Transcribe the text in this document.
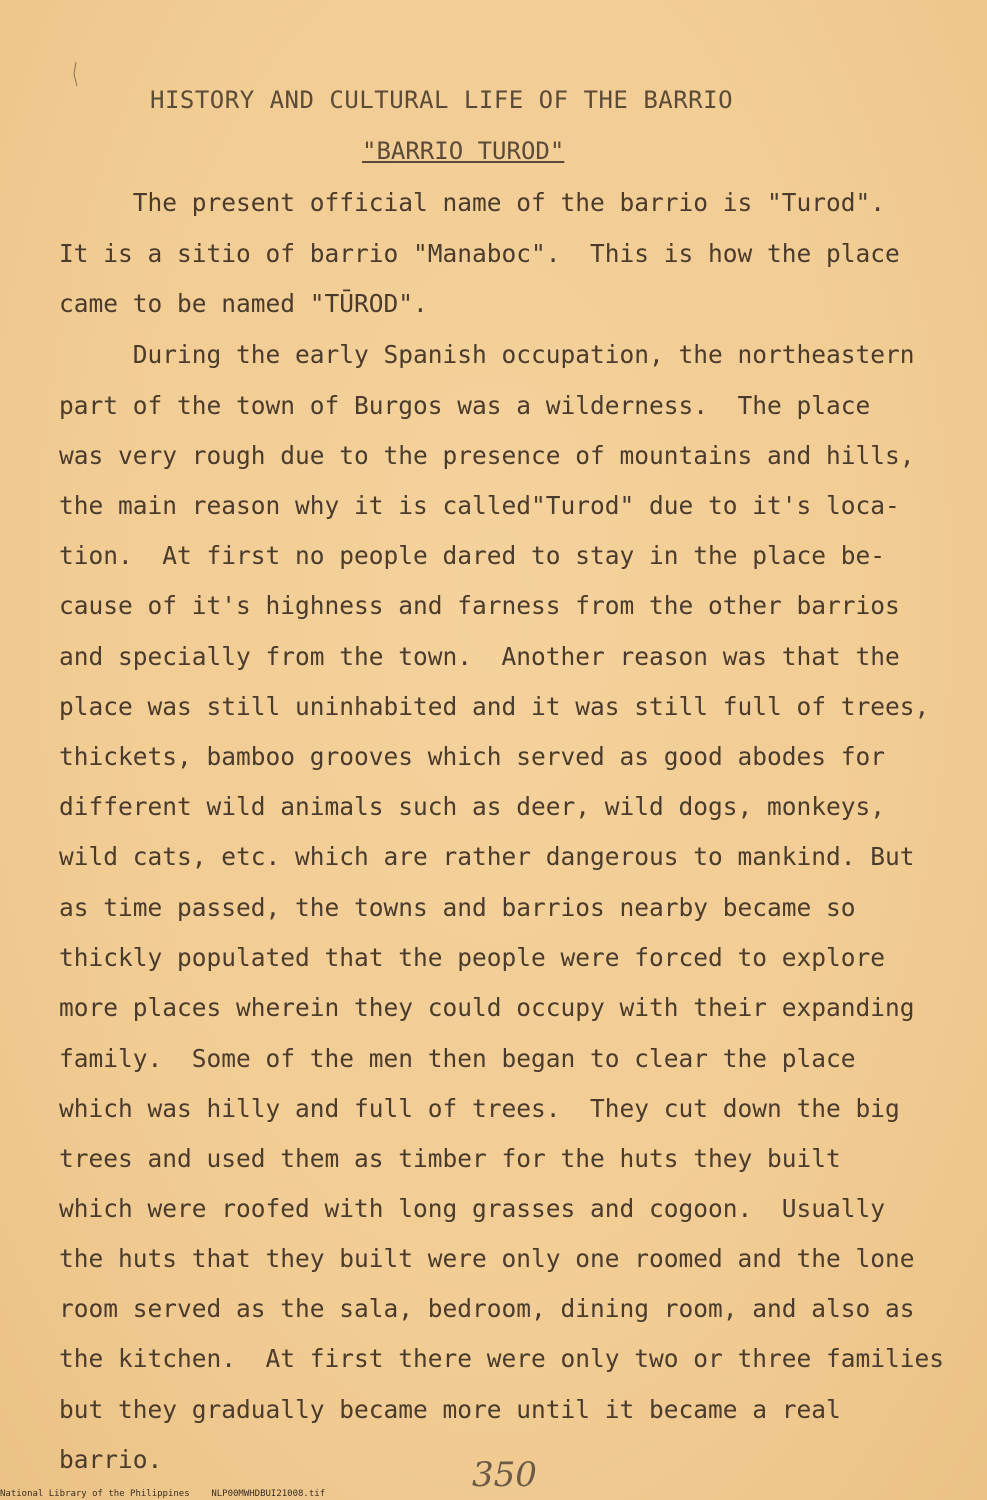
HISTORY AND CULTURAL LIFE OF THE BARRIO
"BARRIO TUROD"
The present official name of the barrio is "Turod".
It is a sitio of barrio "Manaboc".  This is how the place
came to be named "TŪROD".
During the early Spanish occupation, the northeastern
part of the town of Burgos was a wilderness.  The place
was very rough due to the presence of mountains and hills,
the main reason why it is called"Turod" due to it's loca-
tion.  At first no people dared to stay in the place be-
cause of it's highness and farness from the other barrios
and specially from the town.  Another reason was that the
place was still uninhabited and it was still full of trees,
thickets, bamboo grooves which served as good abodes for
different wild animals such as deer, wild dogs, monkeys,
wild cats, etc. which are rather dangerous to mankind. But
as time passed, the towns and barrios nearby became so
thickly populated that the people were forced to explore
more places wherein they could occupy with their expanding
family.  Some of the men then began to clear the place
which was hilly and full of trees.  They cut down the big
trees and used them as timber for the huts they built
which were roofed with long grasses and cogoon.  Usually
the huts that they built were only one roomed and the lone
room served as the sala, bedroom, dining room, and also as
the kitchen.  At first there were only two or three families
but they gradually became more until it became a real
barrio.	350
National Library of the Philippines    NLP00MWHDBUI21008.tif
